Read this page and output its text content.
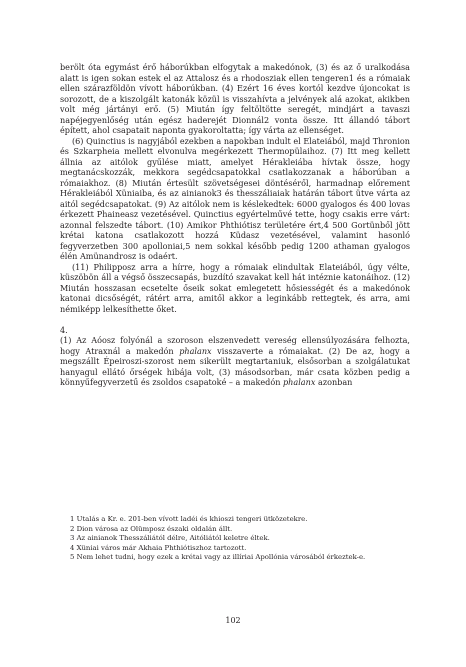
berölt óta egymást érő háborúkban elfogytak a makedónok, (3) és az ő uralkodása alatt is igen sokan estek el az Attalosz és a rhodosziak ellen tengeren1 és a rómaiak ellen szárazföldön vívott háborúkban. (4) Ezért 16 éves kortól kezdve újoncokat is sorozott, de a kiszolgált katonák közül is visszahívta a jelvények alá azokat, akikben volt még jártányi erő. (5) Miután így feltöltötte seregét, mindjárt a tavaszi napéjegyenlőség után egész haderejét Dionnál2 vonta össze. Itt állandó tábort épített, ahol csapatait naponta gyakoroltatta; így várta az ellenséget.

(6) Quinctius is nagyjából ezekben a napokban indult el Elateiából, majd Thronion és Szkarpheia mellett elvonulva megérkezett Thermopülaihoz. (7) Itt meg kellett állnia az aitólok gyűlése miatt, amelyet Hérakleiába hívtak össze, hogy megtanácskozzák, mekkora segédcsapatokkal csatlakozzanak a háborúban a rómaiakhoz. (8) Miután értesült szövetségesei döntéséről, harmadnap előrement Hérakleiából Xüniaiba, és az ainianok3 és thesszáliaiak határán tábort ütve várta az aitól segédcsapatokat. (9) Az aitólok nem is késlekedtek: 6000 gyalogos és 400 lovas érkezett Phaineasz vezetésével. Quinctius egyértelművé tette, hogy csakis erre várt: azonnal felszedte tábort. (10) Amikor Phthiótisz területére ért,4 500 Gortünből jött krétai katona csatlakozott hozzá Küdasz vezetésével, valamint hasonló fegyverzetben 300 apolloniai,5 nem sokkal később pedig 1200 athaman gyalogos élén Amünandrosz is odaért.

(11) Philipposz arra a hírre, hogy a rómaiak elindultak Elateiából, úgy vélte, küszöbön áll a végső összecsapás, buzdító szavakat kell hát intéznie katonáihoz. (12) Miután hosszasan ecsetelte őseik sokat emlegetett hősiességét és a makedónok katonai dicsőségét, rátért arra, amitől akkor a leginkább rettegtek, és arra, ami némiképp lelkesíthette őket.

4.

(1) Az Aóosz folyónál a szoroson elszenvedett vereség ellensúlyozására felhozta, hogy Atraxnál a makedón phalanx visszaverte a rómaiakat. (2) De az, hogy a megszállt Épeiroszi-szorost nem sikerült megtartaniuk, elsősorban a szolgálatukat hanyagul ellátó őrségek hibája volt, (3) másodsorban, már csata közben pedig a könnyűfegyverzetű és zsoldos csapatoké – a makedón phalanx azonban

1 Utalás a Kr. e. 201-ben vívott ladéi és khioszi tengeri ütközetekre.
2 Dion városa az Olümposz északi oldalán állt.
3 Az ainianok Thesszáliától délre, Aitóliától keletre éltek.
4 Xüniai város már Akhaia Phthiótiszhoz tartozott.
5 Nem lehet tudni, hogy ezek a krétai vagy az illíriai Apollónia városából érkeztek-e.
102
